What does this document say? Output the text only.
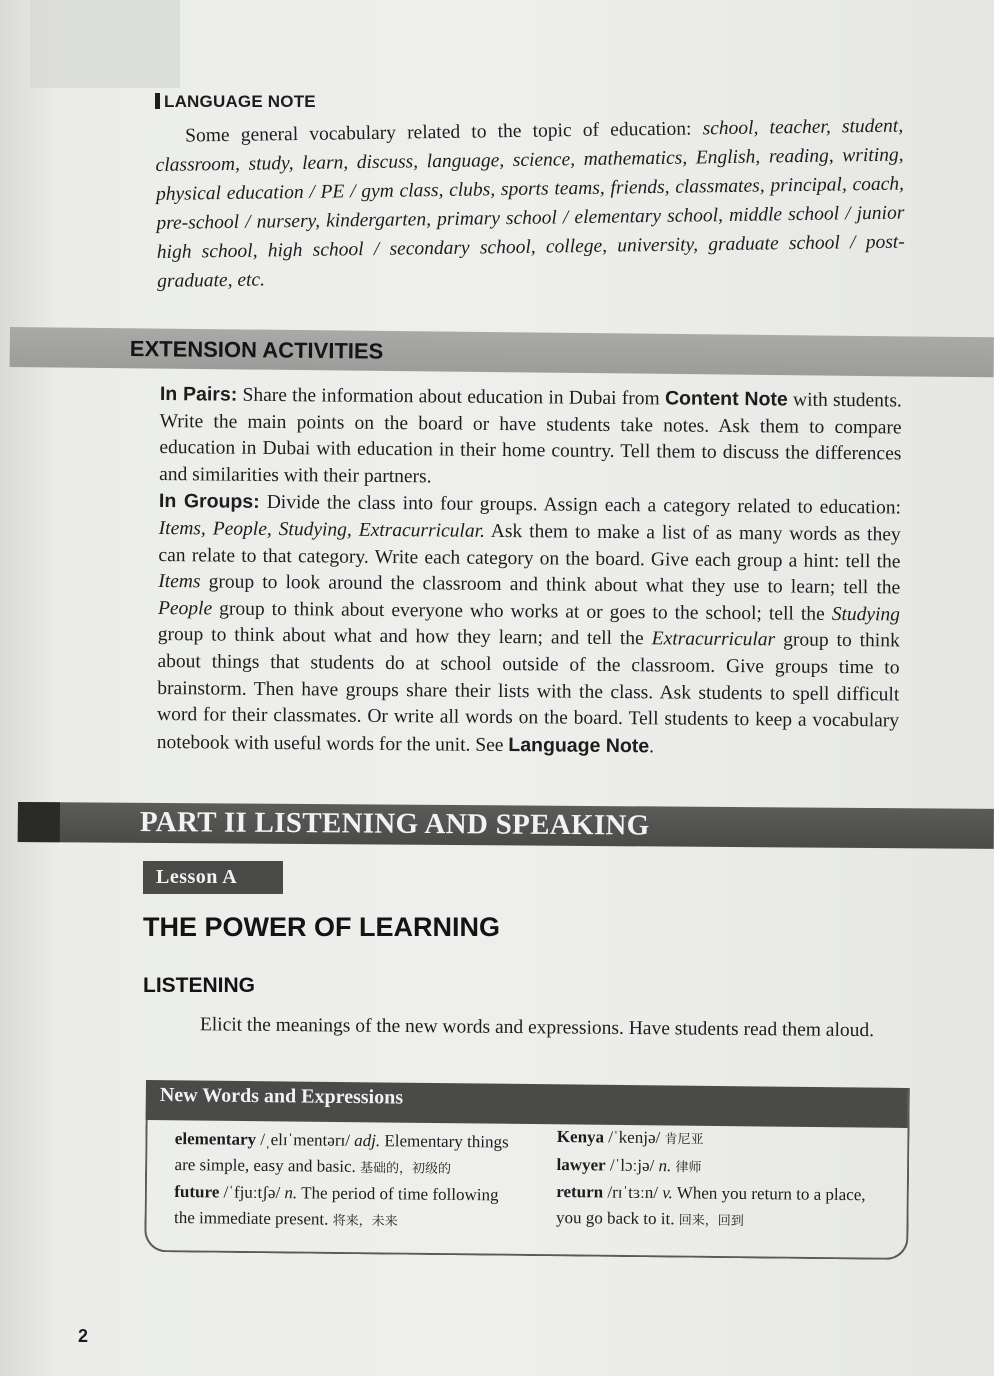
LANGUAGE NOTE
Some general vocabulary related to the topic of education: school, teacher, student, classroom, study, learn, discuss, language, science, mathematics, English, reading, writing, physical education / PE / gym class, clubs, sports teams, friends, classmates, principal, coach, pre-school / nursery, kindergarten, primary school / elementary school, middle school / junior high school, high school / secondary school, college, university, graduate school / post-graduate, etc.
EXTENSION ACTIVITIES

In Pairs: Share the information about education in Dubai from Content Note with students. Write the main points on the board or have students take notes. Ask them to compare education in Dubai with education in their home country. Tell them to discuss the differences and similarities with their partners.

In Groups: Divide the class into four groups. Assign each a category related to education: Items, People, Studying, Extracurricular. Ask them to make a list of as many words as they can relate to that category. Write each category on the board. Give each group a hint: tell the Items group to look around the classroom and think about what they use to learn; tell the People group to think about everyone who works at or goes to the school; tell the Studying group to think about what and how they learn; and tell the Extracurricular group to think about things that students do at school outside of the classroom. Give groups time to brainstorm. Then have groups share their lists with the class. Ask students to spell difficult word for their classmates. Or write all words on the board. Tell students to keep a vocabulary notebook with useful words for the unit. See Language Note.

PART II LISTENING AND SPEAKING
Lesson A
THE POWER OF LEARNING
LISTENING
Elicit the meanings of the new words and expressions. Have students read them aloud.
New Words and Expressions

elementary /ˌelɪˈmentərɪ/ adj. Elementary things are simple, easy and basic. 基础的，初级的

future /ˈfjuːtʃə/ n. The period of time following the immediate present. 将来，未来

Kenya /ˈkenjə/ 肯尼亚

lawyer /ˈlɔːjə/ n. 律师

return /rɪˈtɜːn/ v. When you return to a place, you go back to it. 回来，回到

2
